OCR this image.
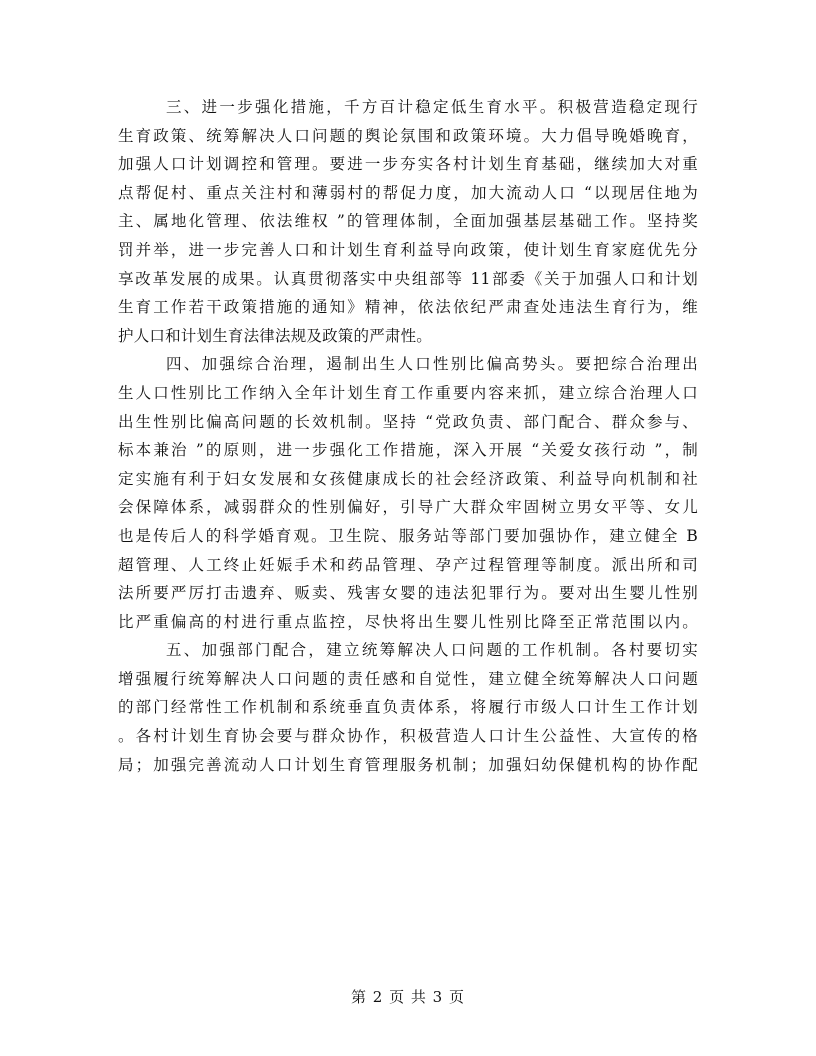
三、进一步强化措施，千方百计稳定低生育水平。积极营造稳定现行
生育政策、统筹解决人口问题的舆论氛围和政策环境。大力倡导晚婚晚育，
加强人口计划调控和管理。要进一步夯实各村计划生育基础，继续加大对重
点帮促村、重点关注村和薄弱村的帮促力度，加大流动人口 “以现居住地为
主、属地化管理、依法维权 ”的管理体制，全面加强基层基础工作。坚持奖
罚并举，进一步完善人口和计划生育利益导向政策，使计划生育家庭优先分
享改革发展的成果。认真贯彻落实中央组部等 11部委《关于加强人口和计划
生育工作若干政策措施的通知》精神，依法依纪严肃查处违法生育行为，维
护人口和计划生育法律法规及政策的严肃性。
四、加强综合治理，遏制出生人口性别比偏高势头。要把综合治理出
生人口性别比工作纳入全年计划生育工作重要内容来抓，建立综合治理人口
出生性别比偏高问题的长效机制。坚持 “党政负责、部门配合、群众参与、
标本兼治 ”的原则，进一步强化工作措施，深入开展 “关爱女孩行动 ”，制
定实施有利于妇女发展和女孩健康成长的社会经济政策、利益导向机制和社
会保障体系，减弱群众的性别偏好，引导广大群众牢固树立男女平等、女儿
也是传后人的科学婚育观。卫生院、服务站等部门要加强协作，建立健全 B
超管理、人工终止妊娠手术和药品管理、孕产过程管理等制度。派出所和司
法所要严厉打击遗弃、贩卖、残害女婴的违法犯罪行为。要对出生婴儿性别
比严重偏高的村进行重点监控，尽快将出生婴儿性别比降至正常范围以内。
五、加强部门配合，建立统筹解决人口问题的工作机制。各村要切实
增强履行统筹解决人口问题的责任感和自觉性，建立健全统筹解决人口问题
的部门经常性工作机制和系统垂直负责体系，将履行市级人口计生工作计划
。各村计划生育协会要与群众协作，积极营造人口计生公益性、大宣传的格
局；加强完善流动人口计划生育管理服务机制；加强妇幼保健机构的协作配
第 2 页 共 3 页
